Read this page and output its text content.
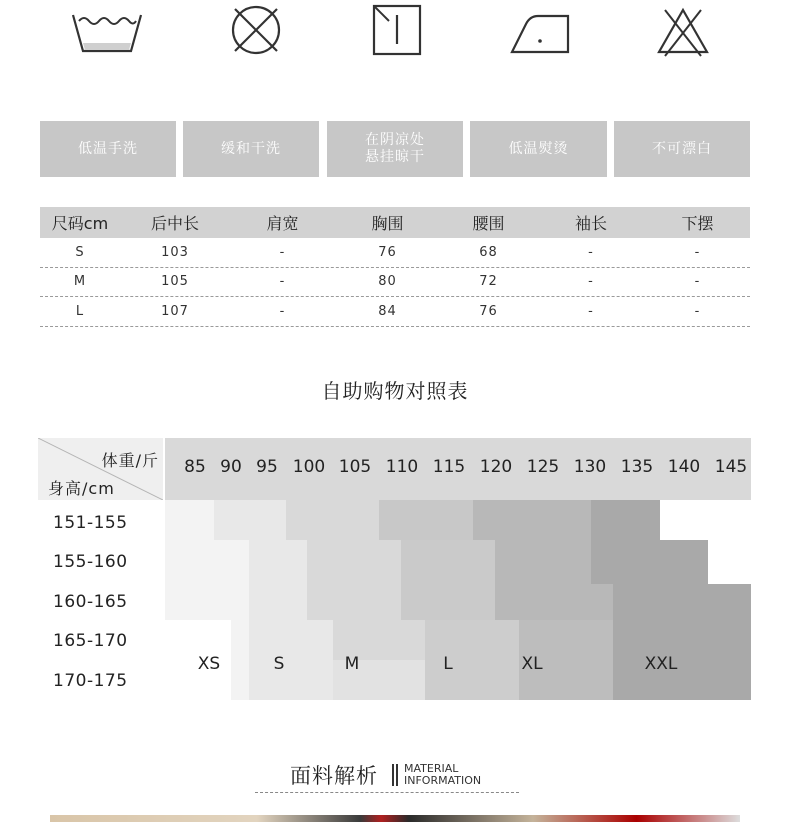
低温手洗	缓和干洗
在阴凉处
悬挂晾干
低温熨烫	不可漂白
尺码cm	后中长	肩宽	胸围	腰围	袖长	下摆
S	103	-	76	68	-	-
M	105	-	80	72	-	-
L	107	-	84	76	-	-
自助购物对照表
体重/斤
身高/cm
85 90 95 100 105 110 115 120 125 130 135 140 145
151-155
155-160
160-165
165-170
170-175
XS	S	M	L	XL	XXL
面料解析 MATERIAL
INFORMATION
